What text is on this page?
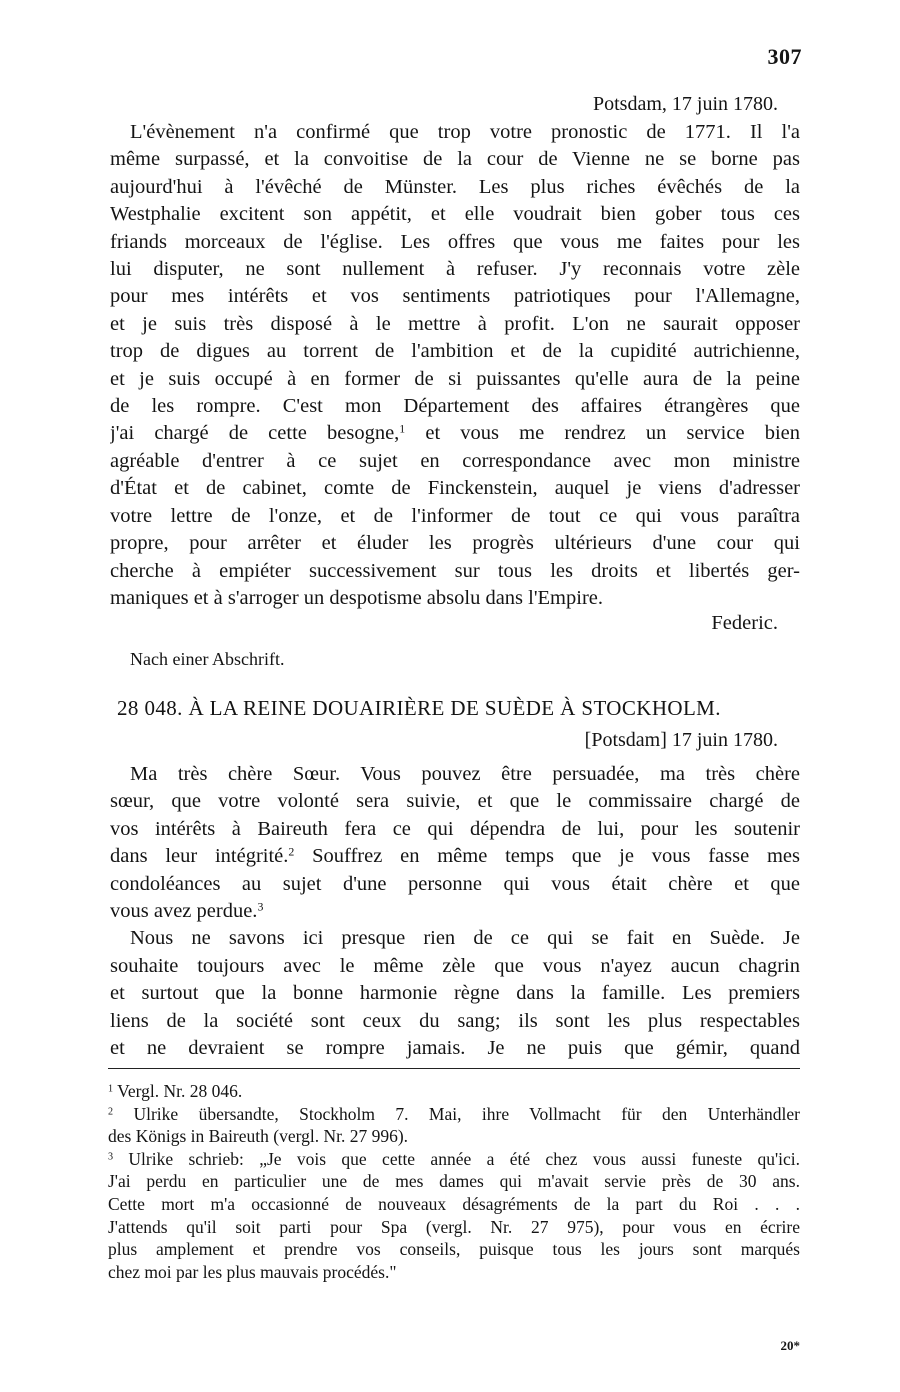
307
Potsdam, 17 juin 1780.
L'évènement n'a confirmé que trop votre pronostic de 1771. Il l'a
même surpassé, et la convoitise de la cour de Vienne ne se borne pas
aujourd'hui à l'évêché de Münster. Les plus riches évêchés de la
Westphalie excitent son appétit, et elle voudrait bien gober tous ces
friands morceaux de l'église. Les offres que vous me faites pour les
lui disputer, ne sont nullement à refuser. J'y reconnais votre zèle
pour mes intérêts et vos sentiments patriotiques pour l'Allemagne,
et je suis très disposé à le mettre à profit. L'on ne saurait opposer
trop de digues au torrent de l'ambition et de la cupidité autrichienne,
et je suis occupé à en former de si puissantes qu'elle aura de la peine
de les rompre. C'est mon Département des affaires étrangères que
j'ai chargé de cette besogne,$^1$ et vous me rendrez un service bien
agréable d'entrer à ce sujet en correspondance avec mon ministre
d'État et de cabinet, comte de Finckenstein, auquel je viens d'adresser
votre lettre de l'onze, et de l'informer de tout ce qui vous paraîtra
propre, pour arrêter et éluder les progrès ultérieurs d'une cour qui
cherche à empiéter successivement sur tous les droits et libertés ger-
maniques et à s'arroger un despotisme absolu dans l'Empire.
Federic.
Nach einer Abschrift.
28 048. À LA REINE DOUAIRIÈRE DE SUÈDE À STOCKHOLM.
[Potsdam] 17 juin 1780.
Ma très chère Sœur. Vous pouvez être persuadée, ma très chère
sœur, que votre volonté sera suivie, et que le commissaire chargé de
vos intérêts à Baireuth fera ce qui dépendra de lui, pour les soutenir
dans leur intégrité.$^2$ Souffrez en même temps que je vous fasse mes
condoléances au sujet d'une personne qui vous était chère et que
vous avez perdue.$^3$
Nous ne savons ici presque rien de ce qui se fait en Suède. Je
souhaite toujours avec le même zèle que vous n'ayez aucun chagrin
et surtout que la bonne harmonie règne dans la famille. Les premiers
liens de la société sont ceux du sang; ils sont les plus respectables
et ne devraient se rompre jamais. Je ne puis que gémir, quand
$^1$ Vergl. Nr. 28 046.
$^2$ Ulrike übersandte, Stockholm 7. Mai, ihre Vollmacht für den Unterhändler
des Königs in Baireuth (vergl. Nr. 27 996).
$^3$ Ulrike schrieb: „Je vois que cette année a été chez vous aussi funeste qu'ici.
J'ai perdu en particulier une de mes dames qui m'avait servie près de 30 ans.
Cette mort m'a occasionné de nouveaux désagréments de la part du Roi . . .
J'attends qu'il soit parti pour Spa (vergl. Nr. 27 975), pour vous en écrire
plus amplement et prendre vos conseils, puisque tous les jours sont marqués
chez moi par les plus mauvais procédés."
20*
